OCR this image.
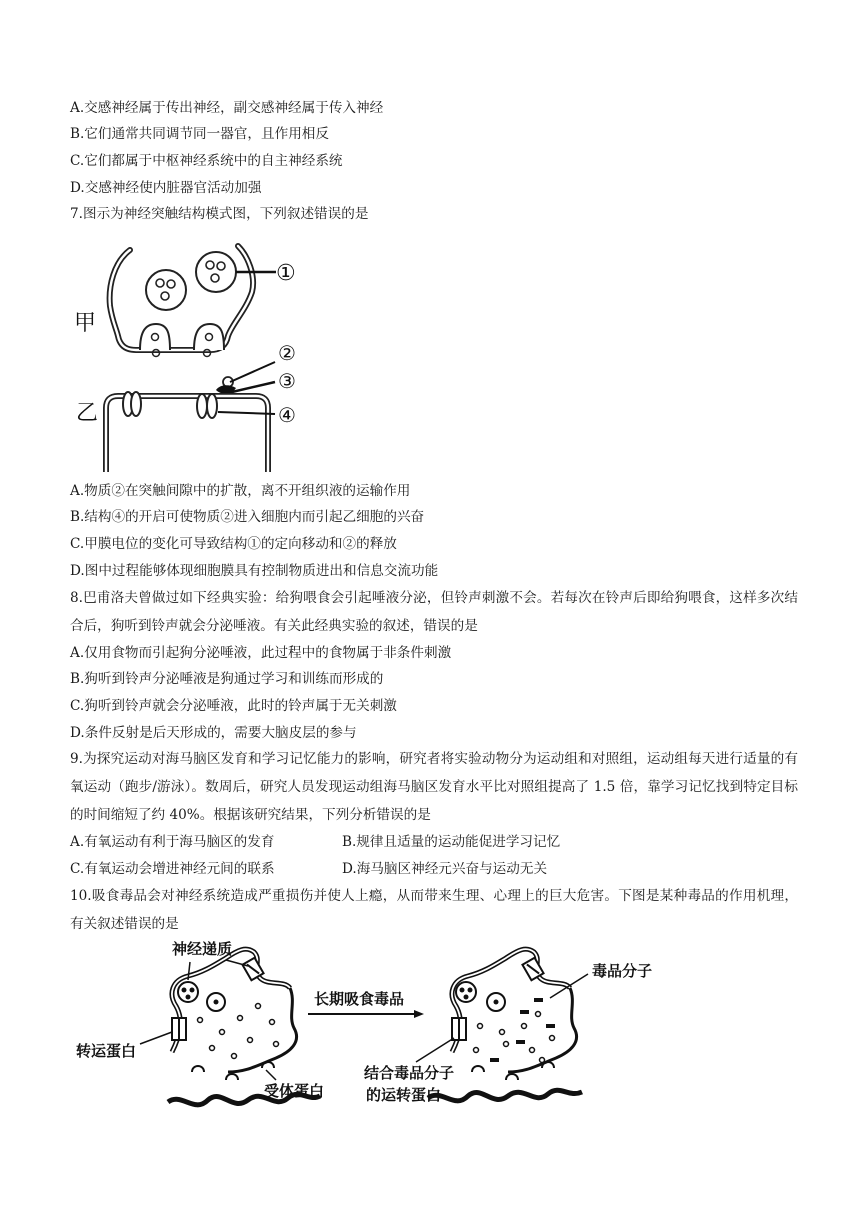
A.交感神经属于传出神经，副交感神经属于传入神经
B.它们通常共同调节同一器官，且作用相反
C.它们都属于中枢神经系统中的自主神经系统
D.交感神经使内脏器官活动加强
7.图示为神经突触结构模式图，下列叙述错误的是
甲
乙
①
②
③
④
A.物质②在突触间隙中的扩散，离不开组织液的运输作用
B.结构④的开启可使物质②进入细胞内而引起乙细胞的兴奋
C.甲膜电位的变化可导致结构①的定向移动和②的释放
D.图中过程能够体现细胞膜具有控制物质进出和信息交流功能
8.巴甫洛夫曾做过如下经典实验：给狗喂食会引起唾液分泌，但铃声刺激不会。若每次在铃声后即给狗喂食，这样多次结合后，狗听到铃声就会分泌唾液。有关此经典实验的叙述，错误的是
A.仅用食物而引起狗分泌唾液，此过程中的食物属于非条件刺激
B.狗听到铃声分泌唾液是狗通过学习和训练而形成的
C.狗听到铃声就会分泌唾液，此时的铃声属于无关刺激
D.条件反射是后天形成的，需要大脑皮层的参与
9.为探究运动对海马脑区发育和学习记忆能力的影响，研究者将实验动物分为运动组和对照组，运动组每天进行适量的有氧运动（跑步/游泳）。数周后，研究人员发现运动组海马脑区发育水平比对照组提高了 1.5 倍，靠学习记忆找到特定目标的时间缩短了约 40%。根据该研究结果，下列分析错误的是
A.有氧运动有利于海马脑区的发育	B.规律且适量的运动能促进学习记忆
C.有氧运动会增进神经元间的联系	D.海马脑区神经元兴奋与运动无关
10.吸食毒品会对神经系统造成严重损伤并使人上瘾，从而带来生理、心理上的巨大危害。下图是某种毒品的作用机理，有关叙述错误的是
神经递质
转运蛋白
受体蛋白
长期吸食毒品
毒品分子
结合毒品分子
的运转蛋白
